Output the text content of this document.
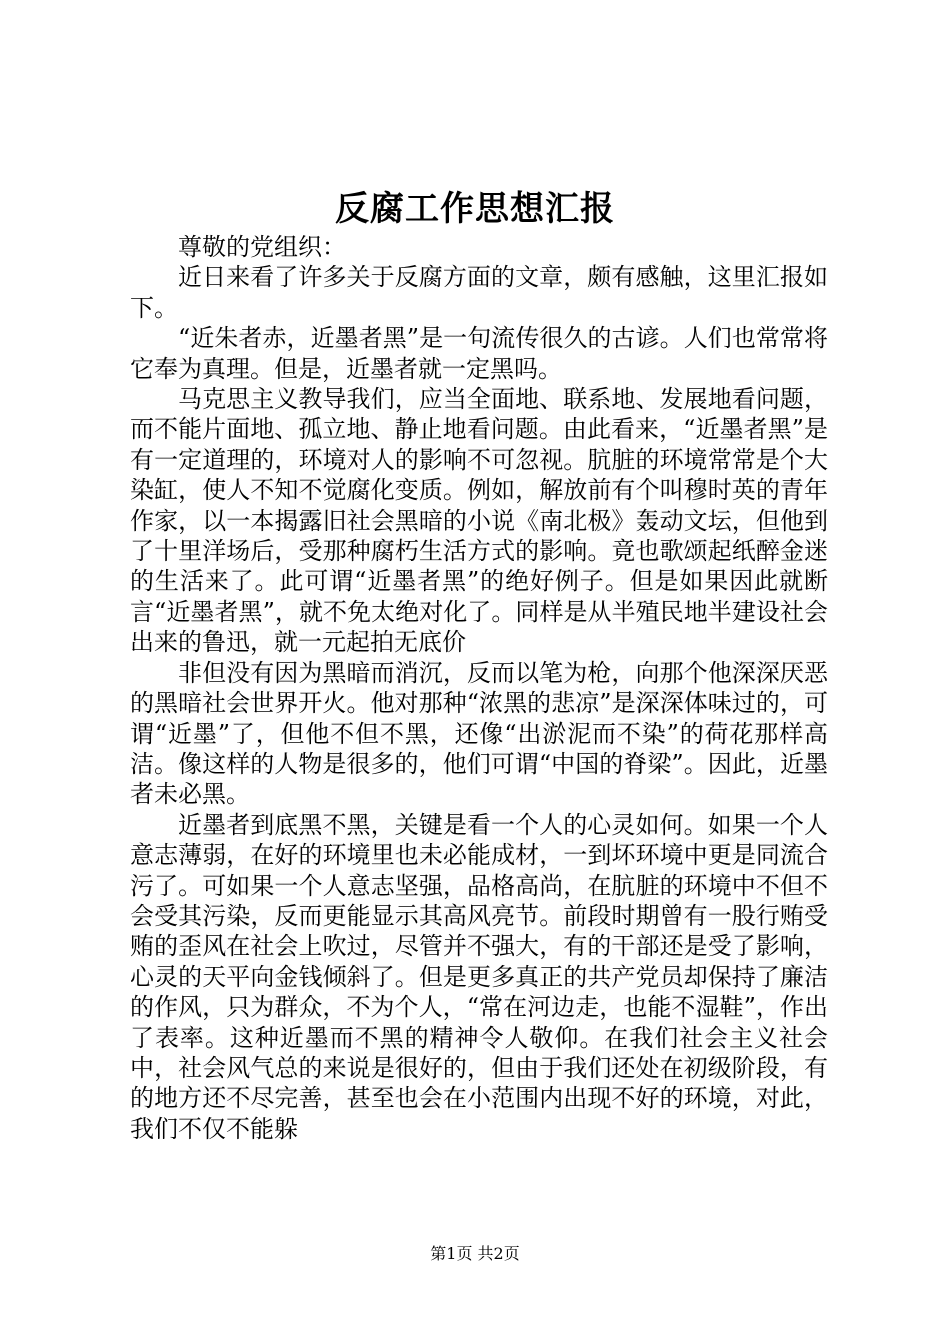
反腐工作思想汇报

尊敬的党组织：

近日来看了许多关于反腐方面的文章，颇有感触，这里汇报如下。

“近朱者赤，近墨者黑”是一句流传很久的古谚。人们也常常将它奉为真理。但是，近墨者就一定黑吗。

马克思主义教导我们，应当全面地、联系地、发展地看问题，而不能片面地、孤立地、静止地看问题。由此看来，“近墨者黑”是有一定道理的，环境对人的影响不可忽视。肮脏的环境常常是个大染缸，使人不知不觉腐化变质。例如，解放前有个叫穆时英的青年作家，以一本揭露旧社会黑暗的小说《南北极》轰动文坛，但他到了十里洋场后，受那种腐朽生活方式的影响。竟也歌颂起纸醉金迷的生活来了。此可谓“近墨者黑”的绝好例子。但是如果因此就断言“近墨者黑”，就不免太绝对化了。同样是从半殖民地半建设社会出来的鲁迅，就一元起拍无底价

非但没有因为黑暗而消沉，反而以笔为枪，向那个他深深厌恶的黑暗社会世界开火。他对那种“浓黑的悲凉”是深深体味过的，可谓“近墨”了，但他不但不黑，还像“出淤泥而不染”的荷花那样高洁。像这样的人物是很多的，他们可谓“中国的脊梁”。因此，近墨者未必黑。

近墨者到底黑不黑，关键是看一个人的心灵如何。如果一个人意志薄弱，在好的环境里也未必能成材，一到坏环境中更是同流合污了。可如果一个人意志坚强，品格高尚，在肮脏的环境中不但不会受其污染，反而更能显示其高风亮节。前段时期曾有一股行贿受贿的歪风在社会上吹过，尽管并不强大，有的干部还是受了影响，心灵的天平向金钱倾斜了。但是更多真正的共产党员却保持了廉洁的作风，只为群众，不为个人，“常在河边走，也能不湿鞋”，作出了表率。这种近墨而不黑的精神令人敬仰。在我们社会主义社会中，社会风气总的来说是很好的，但由于我们还处在初级阶段，有的地方还不尽完善，甚至也会在小范围内出现不好的环境，对此，我们不仅不能躲

第1页 共2页
